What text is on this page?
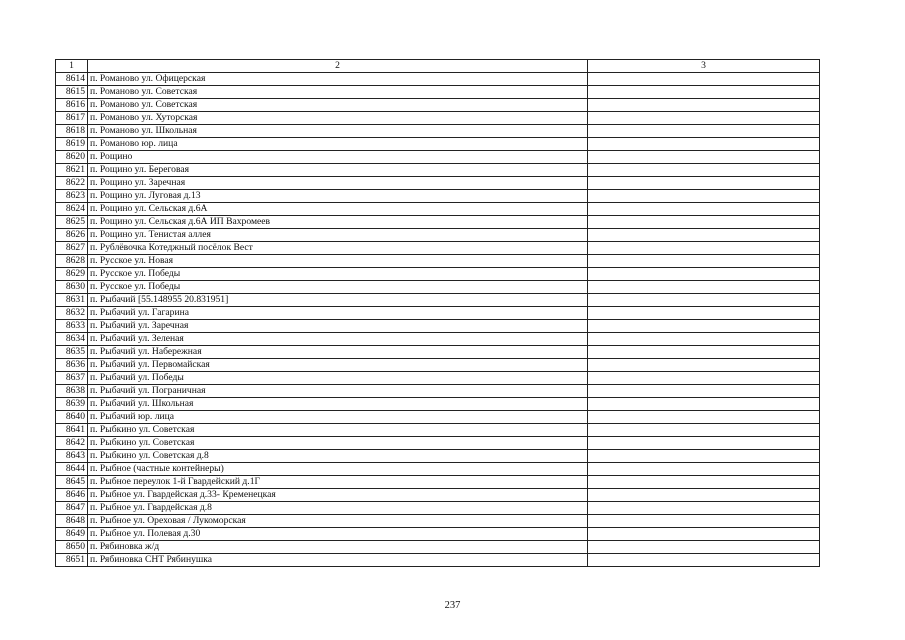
1	2	3
8614	п. Романово ул. Офицерская	
8615	п. Романово ул. Советская	
8616	п. Романово ул. Советская	
8617	п. Романово ул. Хуторская	
8618	п. Романово ул. Школьная	
8619	п. Романово юр. лица	
8620	п. Рощино	
8621	п. Рощино ул. Береговая	
8622	п. Рощино ул. Заречная	
8623	п. Рощино ул. Луговая д.13	
8624	п. Рощино ул. Сельская д.6А	
8625	п. Рощино ул. Сельская д.6А ИП Вахромеев	
8626	п. Рощино ул. Тенистая аллея	
8627	п. Рублёвочка Котеджный посёлок Вест	
8628	п. Русское ул. Новая	
8629	п. Русское ул. Победы	
8630	п. Русское ул. Победы	
8631	п. Рыбачий [55.148955 20.831951]	
8632	п. Рыбачий ул. Гагарина	
8633	п. Рыбачий ул. Заречная	
8634	п. Рыбачий ул. Зеленая	
8635	п. Рыбачий ул. Набережная	
8636	п. Рыбачий ул. Первомайская	
8637	п. Рыбачий ул. Победы	
8638	п. Рыбачий ул. Пограничная	
8639	п. Рыбачий ул. Школьная	
8640	п. Рыбачий юр. лица	
8641	п. Рыбкино ул. Советская	
8642	п. Рыбкино ул. Советская	
8643	п. Рыбкино ул. Советская д.8	
8644	п. Рыбное (частные контейнеры)	
8645	п. Рыбное переулок 1-й Гвардейский д.1Г	
8646	п. Рыбное ул. Гвардейская д.33- Кременецкая	
8647	п. Рыбное ул. Гвардейская д.8	
8648	п. Рыбное ул. Ореховая / Лукоморская	
8649	п. Рыбное ул. Полевая д.30	
8650	п. Рябиновка ж/д	
8651	п. Рябиновка СНТ Рябинушка	
237
